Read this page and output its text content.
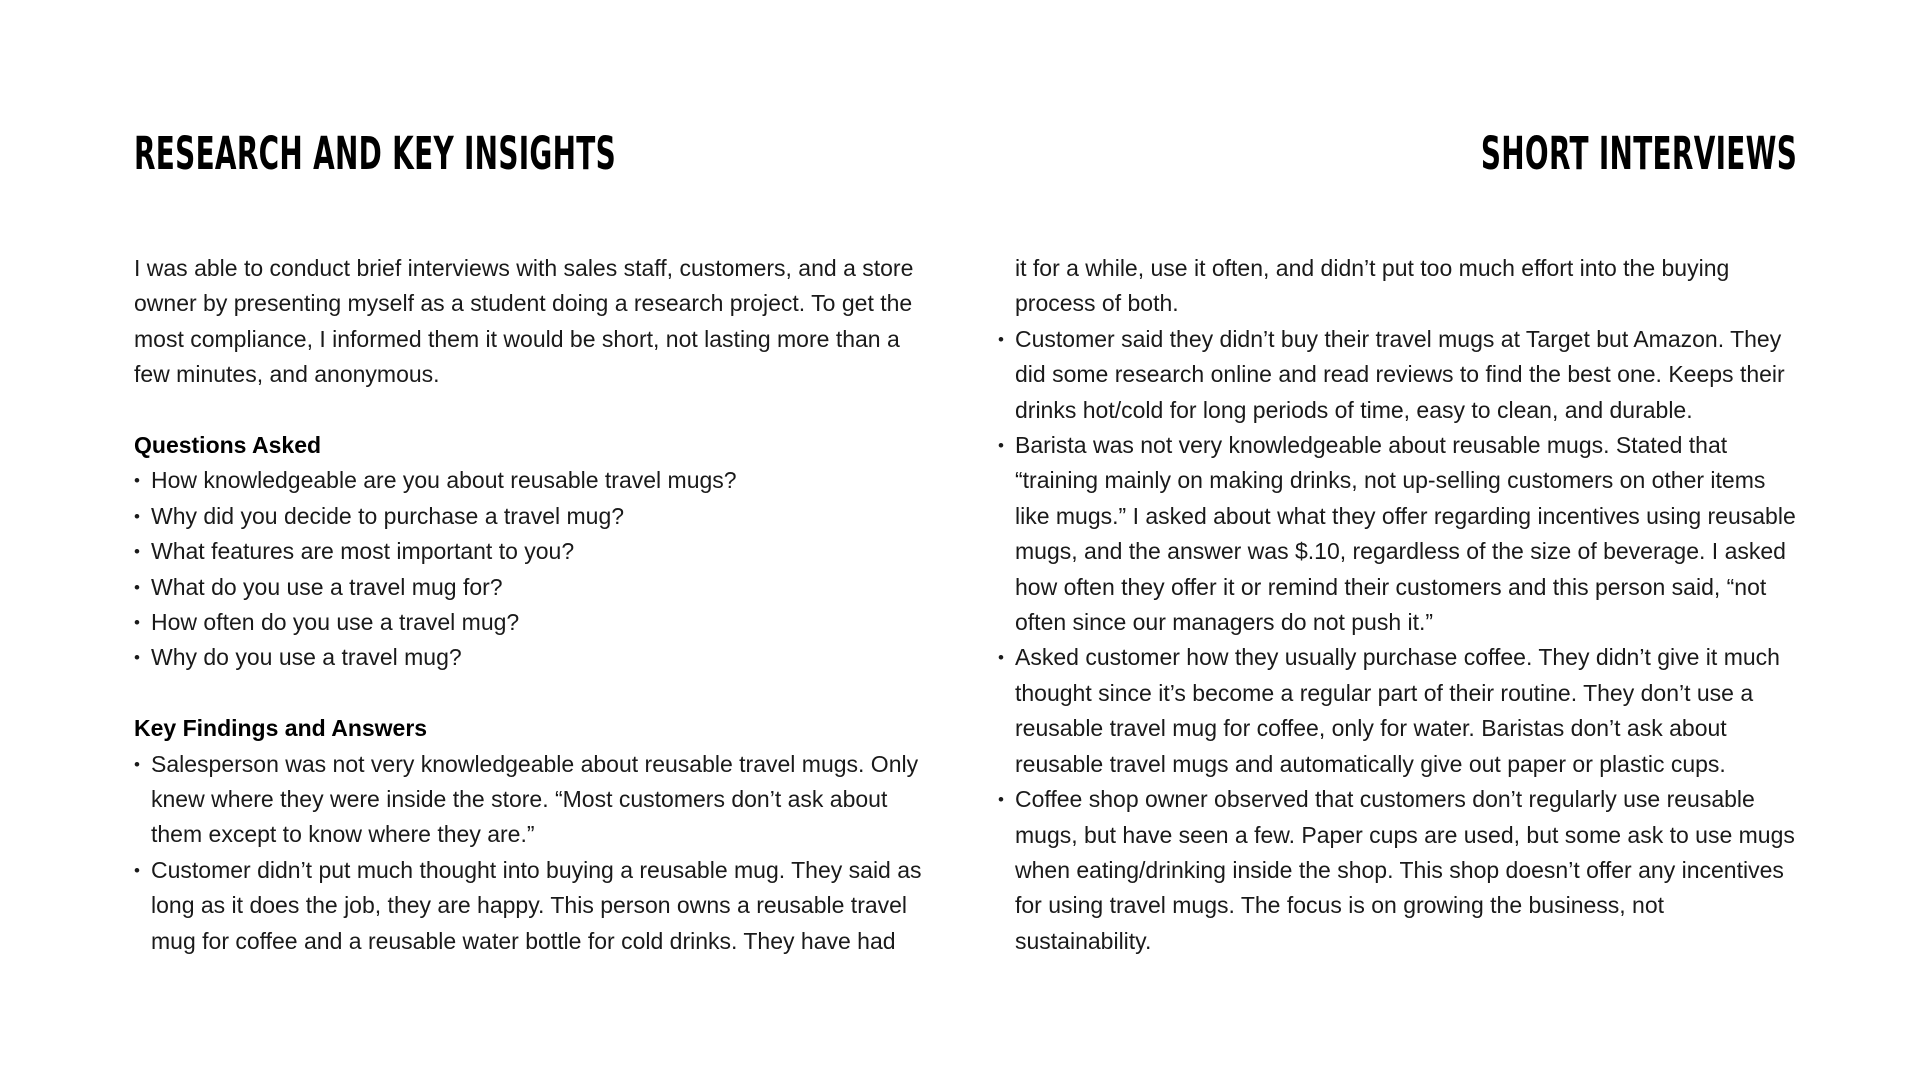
RESEARCH AND KEY INSIGHTS	SHORT INTERVIEWS

I was able to conduct brief interviews with sales staff, customers, and a store owner by presenting myself as a student doing a research project. To get the most compliance, I informed them it would be short, not lasting more than a few minutes, and anonymous.

Questions Asked

• How knowledgeable are you about reusable travel mugs?
• Why did you decide to purchase a travel mug?
• What features are most important to you?
• What do you use a travel mug for?
• How often do you use a travel mug?
• Why do you use a travel mug?

Key Findings and Answers

• Salesperson was not very knowledgeable about reusable travel mugs. Only knew where they were inside the store. “Most customers don’t ask about them except to know where they are.”
• Customer didn’t put much thought into buying a reusable mug. They said as long as it does the job, they are happy. This person owns a reusable travel mug for coffee and a reusable water bottle for cold drinks. They have had

it for a while, use it often, and didn’t put too much effort into the buying process of both.

• Customer said they didn’t buy their travel mugs at Target but Amazon. They did some research online and read reviews to find the best one. Keeps their drinks hot/cold for long periods of time, easy to clean, and durable.
• Barista was not very knowledgeable about reusable mugs. Stated that “training mainly on making drinks, not up-selling customers on other items like mugs.” I asked about what they offer regarding incentives using reusable mugs, and the answer was $.10, regardless of the size of beverage. I asked how often they offer it or remind their customers and this person said, “not often since our managers do not push it.”
• Asked customer how they usually purchase coffee. They didn’t give it much thought since it’s become a regular part of their routine. They don’t use a reusable travel mug for coffee, only for water. Baristas don’t ask about reusable travel mugs and automatically give out paper or plastic cups.
• Coffee shop owner observed that customers don’t regularly use reusable mugs, but have seen a few. Paper cups are used, but some ask to use mugs when eating/drinking inside the shop. This shop doesn’t offer any incentives for using travel mugs. The focus is on growing the business, not sustainability.
